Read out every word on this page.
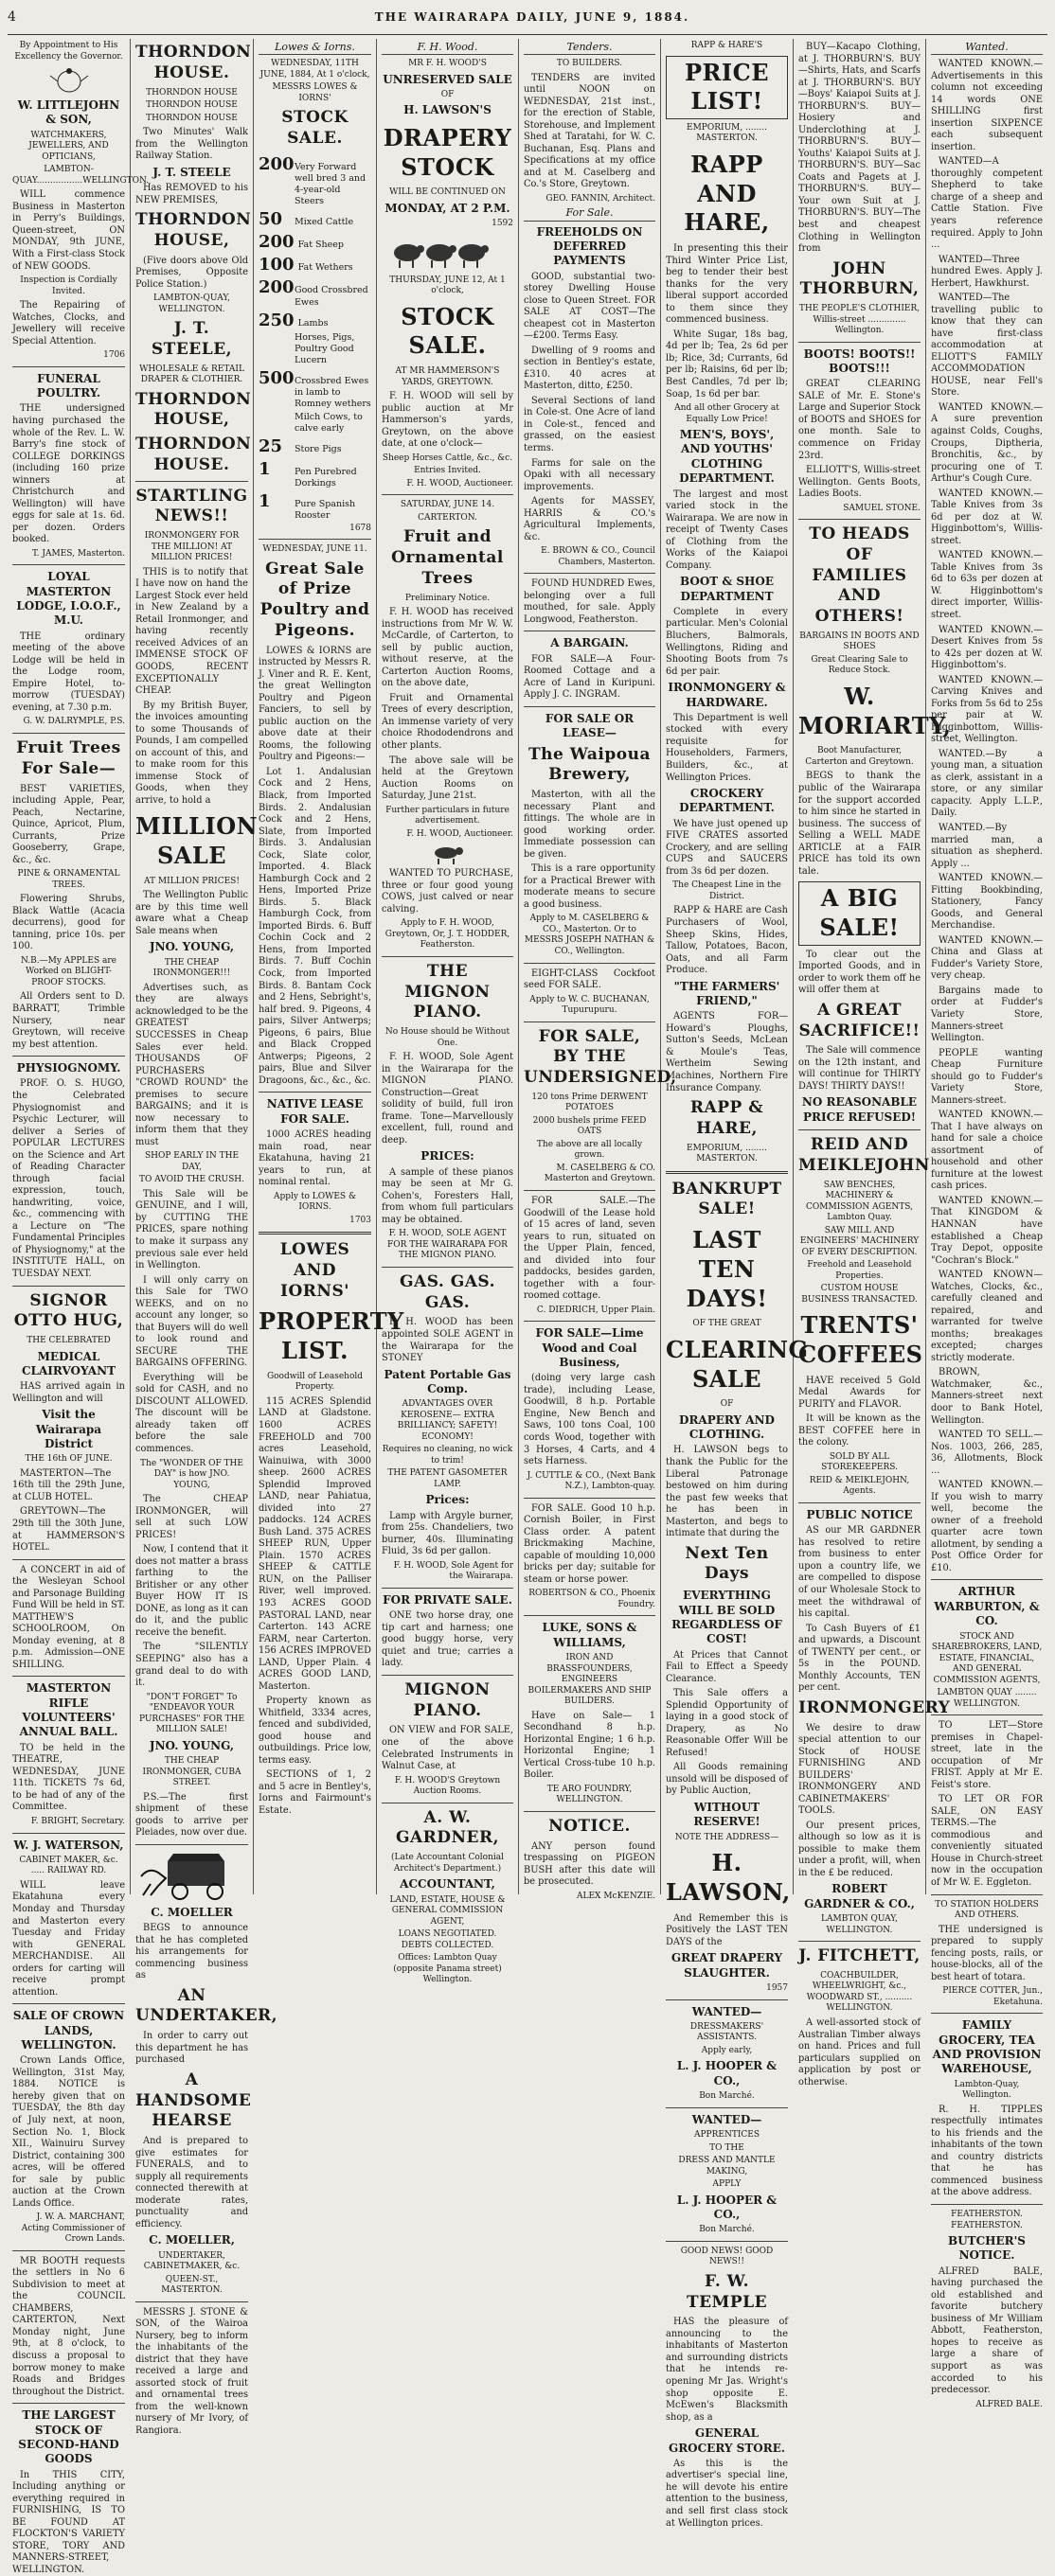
4	THE WAIRARAPA DAILY, JUNE 9, 1884.
By Appointment to His Excellency the Governor.
W. LITTLEJOHN & SON,
WATCHMAKERS, JEWELLERS, AND OPTICIANS,
LAMBTON-QUAY.................WELLINGTON.
WILL commence Business in Masterton in Perry's Buildings, Queen-street, ON MONDAY, 9th JUNE, With a First-class Stock of NEW GOODS.
Inspection is Cordially Invited.
The Repairing of Watches, Clocks, and Jewellery will receive Special Attention.
1706
FUNERAL POULTRY.
THE undersigned having purchased the whole of the Rev. L. W. Barry's fine stock of COLLEGE DORKINGS (including 160 prize winners at Christchurch and Wellington) will have eggs for sale at 1s. 6d. per dozen. Orders booked.
T. JAMES, Masterton.
LOYAL MASTERTON LODGE, I.O.O.F., M.U.
THE ordinary meeting of the above Lodge will be held in the Lodge room, Empire Hotel, to-morrow (TUESDAY) evening, at 7.30 p.m.
G. W. DALRYMPLE, P.S.
Fruit Trees For Sale—
BEST VARIETIES, including Apple, Pear, Peach, Nectarine, Quince, Apricot, Plum, Currants, Prize Gooseberry, Grape, &c., &c.
PINE & ORNAMENTAL TREES.
Flowering Shrubs, Black Wattle (Acacia decurrens), good for tanning, price 10s. per 100.
N.B.—My APPLES are Worked on BLIGHT-PROOF STOCKS.
All Orders sent to D. BARRATT, Trimble Nursery, near Greytown, will receive my best attention.
PHYSIOGNOMY.
PROF. O. S. HUGO, the Celebrated Physiognomist and Psychic Lecturer, will deliver a Series of POPULAR LECTURES on the Science and Art of Reading Character through facial expression, touch, handwriting, voice, &c., commencing with a Lecture on "The Fundamental Principles of Physiognomy," at the INSTITUTE HALL, on TUESDAY NEXT.
SIGNOR OTTO HUG,
THE CELEBRATED
MEDICAL CLAIRVOYANT
HAS arrived again in Wellington and will
Visit the Wairarapa District
THE 16th OF JUNE.
MASTERTON—The 16th till the 29th June, at CLUB HOTEL.
GREYTOWN—The 29th till the 30th June, at HAMMERSON'S HOTEL.
A CONCERT in aid of the Wesleyan School and Parsonage Building Fund Will be held in ST. MATTHEW'S SCHOOLROOM, On Monday evening, at 8 p.m. Admission—ONE SHILLING.
MASTERTON RIFLE VOLUNTEERS' ANNUAL BALL.
TO be held in the THEATRE, WEDNESDAY, JUNE 11th. TICKETS 7s 6d, to be had of any of the Committee.
F. BRIGHT, Secretary.
W. J. WATERSON,
CABINET MAKER, &c. ..... RAILWAY RD.
WILL leave Ekatahuna every Monday and Thursday and Masterton every Tuesday and Friday with GENERAL MERCHANDISE. All orders for carting will receive prompt attention.
SALE OF CROWN LANDS, WELLINGTON.
Crown Lands Office, Wellington, 31st May, 1884. NOTICE is hereby given that on TUESDAY, the 8th day of July next, at noon, Section No. 1, Block XII., Wainuiru Survey District, containing 300 acres, will be offered for sale by public auction at the Crown Lands Office.
J. W. A. MARCHANT, Acting Commissioner of Crown Lands.
MR BOOTH requests the settlers in No 6 Subdivision to meet at the COUNCIL CHAMBERS, CARTERTON, Next Monday night, June 9th, at 8 o'clock, to discuss a proposal to borrow money to make Roads and Bridges throughout the District.
THE LARGEST STOCK OF SECOND-HAND GOODS
In THIS CITY, Including anything or everything required in FURNISHING, IS TO BE FOUND AT FLOCKTON'S VARIETY STORE, TORY AND MANNERS-STREET, WELLINGTON.
THORNDON HOUSE.
THORNDON HOUSE
THORNDON HOUSE
THORNDON HOUSE
Two Minutes' Walk from the Wellington Railway Station.
J. T. STEELE
Has REMOVED to his NEW PREMISES,
THORNDON HOUSE,
(Five doors above Old Premises, Opposite Police Station.)
LAMBTON-QUAY, WELLINGTON.
J. T. STEELE,
WHOLESALE & RETAIL DRAPER & CLOTHIER.
THORNDON HOUSE,
THORNDON HOUSE.
STARTLING NEWS!!
IRONMONGERY FOR THE MILLION! AT MILLION PRICES!
THIS is to notify that I have now on hand the Largest Stock ever held in New Zealand by a Retail Ironmonger, and having recently received Advices of an IMMENSE STOCK OF GOODS, RECENT EXCEPTIONALLY CHEAP.
By my British Buyer, the invoices amounting to some Thousands of Pounds, I am compelled on account of this, and to make room for this immense Stock of Goods, when they arrive, to hold a
MILLION SALE
AT MILLION PRICES!
The Wellington Public are by this time well aware what a Cheap Sale means when
JNO. YOUNG,
THE CHEAP IRONMONGER!!!
Advertises such, as they are always acknowledged to be the GREATEST SUCCESSES in Cheap Sales ever held. THOUSANDS OF PURCHASERS "CROWD ROUND" the premises to secure BARGAINS; and it is now necessary to inform them that they must
SHOP EARLY IN THE DAY,
TO AVOID THE CRUSH.
This Sale will be GENUINE, and I will, by CUTTING THE PRICES, spare nothing to make it surpass any previous sale ever held in Wellington.
I will only carry on this Sale for TWO WEEKS, and on no account any longer, so that Buyers will do well to look round and SECURE THE BARGAINS OFFERING.
Everything will be sold for CASH, and no DISCOUNT ALLOWED. The discount will be already taken off before the sale commences.
The "WONDER OF THE DAY" is how JNO. YOUNG,
The CHEAP IRONMONGER, will sell at such LOW PRICES!
Now, I contend that it does not matter a brass farthing to the Britisher or any other Buyer HOW IT IS DONE, as long as it can do it, and the public receive the benefit.
The "SILENTLY SEEPING" also has a grand deal to do with it.
"DON'T FORGET" To "ENDEAVOR YOUR PURCHASES" FOR THE MILLION SALE!
JNO. YOUNG,
THE CHEAP IRONMONGER, CUBA STREET.
P.S.—The first shipment of these goods to arrive per Pleiades, now over due.
C. MOELLER
BEGS to announce that he has completed his arrangements for commencing business as
AN UNDERTAKER,
In order to carry out this department he has purchased
A HANDSOME HEARSE
And is prepared to give estimates for FUNERALS, and to supply all requirements connected therewith at moderate rates, punctuality and efficiency.
C. MOELLER,
UNDERTAKER, CABINETMAKER, &c.
QUEEN-ST., MASTERTON.
MESSRS J. STONE & SON, of the Wairoa Nursery, beg to inform the inhabitants of the district that they have received a large and assorted stock of fruit and ornamental trees from the well-known nursery of Mr Ivory, of Rangiora.
Lowes & Iorns.
WEDNESDAY, 11TH JUNE, 1884, At 1 o'clock,
MESSRS LOWES & IORNS'
STOCK SALE.
200 Very Forward well bred 3 and 4-year-old Steers
50	Mixed Cattle
200 Fat Sheep
100 Fat Wethers
200 Good Crossbred Ewes
250 Lambs
Horses, Pigs, Poultry Good Lucern
500 Crossbred Ewes in lamb to Romney wethers
Milch Cows, to calve early
25	Store Pigs
1	Pen Purebred Dorkings
1	Pure Spanish Rooster
1678
WEDNESDAY, JUNE 11.
Great Sale of Prize Poultry and Pigeons.
LOWES & IORNS are instructed by Messrs R. J. Viner and R. E. Kent, the great Wellington Poultry and Pigeon Fanciers, to sell by public auction on the above date at their Rooms, the following Poultry and Pigeons:—
Lot 1. Andalusian Cock and 2 Hens, Black, from Imported Birds. 2. Andalusian Cock and 2 Hens, Slate, from Imported Birds. 3. Andalusian Cock, Slate color, Imported. 4. Black Hamburgh Cock and 2 Hens, Imported Prize Birds. 5. Black Hamburgh Cock, from Imported Birds. 6. Buff Cochin Cock and 2 Hens, from Imported Birds. 7. Buff Cochin Cock, from Imported Birds. 8. Bantam Cock and 2 Hens, Sebright's, half bred. 9. Pigeons, 4 pairs, Silver Antwerps; Pigeons, 6 pairs, Blue and Black Cropped Antwerps; Pigeons, 2 pairs, Blue and Silver Dragoons, &c., &c., &c.
NATIVE LEASE FOR SALE.
1000 ACRES heading main road, near Ekatahuna, having 21 years to run, at nominal rental.
Apply to LOWES & IORNS.
1703
LOWES AND IORNS'
PROPERTY LIST.
Goodwill of Leasehold Property.
115 ACRES Splendid LAND at Gladstone. 1600 ACRES FREEHOLD and 700 acres Leasehold, Wainuiwa, with 3000 sheep. 2600 ACRES Splendid Improved LAND, near Pahiatua, divided into 27 paddocks. 124 ACRES Bush Land. 375 ACRES SHEEP RUN, Upper Plain. 1570 ACRES SHEEP & CATTLE RUN, on the Palliser River, well improved. 193 ACRES GOOD PASTORAL LAND, near Carterton. 143 ACRE FARM, near Carterton. 156 ACRES IMPROVED LAND, Upper Plain. 4 ACRES GOOD LAND, Masterton.
Property known as Whitfield, 3334 acres, fenced and subdivided, good house and outbuildings. Price low, terms easy.
SECTIONS of 1, 2 and 5 acre in Bentley's, Iorns and Fairmount's Estate.
F. H. Wood.
MR F. H. WOOD'S
UNRESERVED SALE
OF
H. LAWSON'S
DRAPERY STOCK
WILL BE CONTINUED ON
MONDAY, AT 2 P.M.
1592
THURSDAY, JUNE 12, At 1 o'clock,
STOCK SALE.
AT MR HAMMERSON'S YARDS, GREYTOWN.
F. H. WOOD will sell by public auction at Mr Hammerson's yards, Greytown, on the above date, at one o'clock—
Sheep Horses Cattle, &c., &c.
Entries Invited.
F. H. WOOD, Auctioneer.
SATURDAY, JUNE 14.
CARTERTON.
Fruit and Ornamental Trees
Preliminary Notice.
F. H. WOOD has received instructions from Mr W. W. McCardle, of Carterton, to sell by public auction, without reserve, at the Carterton Auction Rooms, on the above date,
Fruit and Ornamental Trees of every description, An immense variety of very choice Rhododendrons and other plants.
The above sale will be held at the Greytown Auction Rooms on Saturday, June 21st.
Further particulars in future advertisement.
F. H. WOOD, Auctioneer.
WANTED TO PURCHASE, three or four good young COWS, just calved or near calving.
Apply to F. H. WOOD, Greytown, Or, J. T. HODDER, Featherston.
THE MIGNON PIANO.
No House should be Without One.
F. H. WOOD, Sole Agent in the Wairarapa for the MIGNON PIANO. Construction—Great solidity of build, full iron frame. Tone—Marvellously excellent, full, round and deep.
PRICES:
A sample of these pianos may be seen at Mr G. Cohen's, Foresters Hall, from whom full particulars may be obtained.
F. H. WOOD, SOLE AGENT FOR THE WAIRARAPA FOR THE MIGNON PIANO.
GAS. GAS. GAS.
F. H. WOOD has been appointed SOLE AGENT in the Wairarapa for the STONEY
Patent Portable Gas Comp.
ADVANTAGES OVER KEROSENE— EXTRA BRILLIANCY; SAFETY! ECONOMY!
Requires no cleaning, no wick to trim!
THE PATENT GASOMETER LAMP.
Prices:
Lamp with Argyle burner, from 25s. Chandeliers, two burner, 40s. Illuminating Fluid, 3s 6d per gallon.
F. H. WOOD, Sole Agent for the Wairarapa.
FOR PRIVATE SALE.
ONE two horse dray, one tip cart and harness; one good buggy horse, very quiet and true; carries a lady.
MIGNON PIANO.
ON VIEW and FOR SALE, one of the above Celebrated Instruments in Walnut Case, at
F. H. WOOD'S Greytown Auction Rooms.
A. W. GARDNER,
(Late Accountant Colonial Architect's Department.)
ACCOUNTANT,
LAND, ESTATE, HOUSE & GENERAL COMMISSION AGENT,
LOANS NEGOTIATED. DEBTS COLLECTED.
Offices: Lambton Quay (opposite Panama street) Wellington.
Tenders.
TO BUILDERS.
TENDERS are invited until NOON on WEDNESDAY, 21st inst., for the erection of Stable, Storehouse, and Implement Shed at Taratahi, for W. C. Buchanan, Esq. Plans and Specifications at my office and at M. Caselberg and Co.'s Store, Greytown.
GEO. FANNIN, Architect.
For Sale.
FREEHOLDS ON DEFERRED PAYMENTS
GOOD, substantial two-storey Dwelling House close to Queen Street. FOR SALE AT COST—The cheapest cot in Masterton—£200. Terms Easy.
Dwelling of 9 rooms and section in Bentley's estate, £310. 40 acres at Masterton, ditto, £250.
Several Sections of land in Cole-st. One Acre of land in Cole-st., fenced and grassed, on the easiest terms.
Farms for sale on the Opaki with all necessary improvements.
Agents for MASSEY, HARRIS & CO.'s Agricultural Implements, &c.
E. BROWN & CO., Council Chambers, Masterton.
FOUND HUNDRED Ewes, belonging over a full mouthed, for sale. Apply Longwood, Featherston.
A BARGAIN.
FOR SALE—A Four-Roomed Cottage and a Acre of Land in Kuripuni. Apply J. C. INGRAM.
FOR SALE OR LEASE—
The Waipoua Brewery,
Masterton, with all the necessary Plant and fittings. The whole are in good working order. Immediate possession can be given.
This is a rare opportunity for a Practical Brewer with moderate means to secure a good business.
Apply to M. CASELBERG & CO., Masterton. Or to MESSRS JOSEPH NATHAN & CO., Wellington.
EIGHT-CLASS Cockfoot seed FOR SALE.
Apply to W. C. BUCHANAN, Tupurupuru.
FOR SALE, BY THE UNDERSIGNED,
120 tons Prime DERWENT POTATOES
2000 bushels prime FEED OATS
The above are all locally grown.
M. CASELBERG & CO. Masterton and Greytown.
FOR SALE.—The Goodwill of the Lease hold of 15 acres of land, seven years to run, situated on the Upper Plain, fenced, and divided into four paddocks, besides garden, together with a four-roomed cottage.
C. DIEDRICH, Upper Plain.
FOR SALE—Lime Wood and Coal Business,
(doing very large cash trade), including Lease, Goodwill, 8 h.p. Portable Engine, New Bench and Saws, 100 tons Coal, 100 cords Wood, together with 3 Horses, 4 Carts, and 4 sets Harness.
J. CUTTLE & CO., (Next Bank N.Z.), Lambton-quay.
FOR SALE. Good 10 h.p. Cornish Boiler, in First Class order. A patent Brickmaking Machine, capable of moulding 10,000 bricks per day; suitable for steam or horse power.
ROBERTSON & CO., Phoenix Foundry.
LUKE, SONS & WILLIAMS,
IRON AND BRASSFOUNDERS, ENGINEERS BOILERMAKERS AND SHIP BUILDERS.
Have on Sale— 1 Secondhand 8 h.p. Horizontal Engine; 1 6 h.p. Horizontal Engine; 1 Vertical Cross-tube 10 h.p. Boiler.
TE ARO FOUNDRY, WELLINGTON.
NOTICE.
ANY person found trespassing on PIGEON BUSH after this date will be prosecuted.
ALEX McKENZIE.
RAPP & HARE'S
PRICE LIST!
EMPORIUM, ........ MASTERTON.
RAPP AND HARE,
In presenting this their Third Winter Price List, beg to tender their best thanks for the very liberal support accorded to them since they commenced business.
White Sugar, 18s bag, 4d per lb; Tea, 2s 6d per lb; Rice, 3d; Currants, 6d per lb; Raisins, 6d per lb; Best Candles, 7d per lb; Soap, 1s 6d per bar.
And all other Grocery at Equally Low Price!
MEN'S, BOYS', AND YOUTHS' CLOTHING DEPARTMENT.
The largest and most varied stock in the Wairarapa. We are now in receipt of Twenty Cases of Clothing from the Works of the Kaiapoi Company.
BOOT & SHOE DEPARTMENT
Complete in every particular. Men's Colonial Bluchers, Balmorals, Wellingtons, Riding and Shooting Boots from 7s 6d per pair.
IRONMONGERY & HARDWARE.
This Department is well stocked with every requisite for Householders, Farmers, Builders, &c., at Wellington Prices.
CROCKERY DEPARTMENT.
We have just opened up FIVE CRATES assorted Crockery, and are selling CUPS and SAUCERS from 3s 6d per dozen.
The Cheapest Line in the District.
RAPP & HARE are Cash Purchasers of Wool, Sheep Skins, Hides, Tallow, Potatoes, Bacon, Oats, and all Farm Produce.
"THE FARMERS' FRIEND,"
AGENTS FOR—Howard's Ploughs, Sutton's Seeds, McLean & Moule's Teas, Wertheim Sewing Machines, Northern Fire Insurance Company.
RAPP & HARE,
EMPORIUM, ........ MASTERTON.
BANKRUPT SALE!
LAST TEN DAYS!
OF THE GREAT
CLEARING SALE
OF
DRAPERY AND CLOTHING.
H. LAWSON begs to thank the Public for the Liberal Patronage bestowed on him during the past few weeks that he has been in Masterton, and begs to intimate that during the
Next Ten Days
EVERYTHING WILL BE SOLD REGARDLESS OF COST!
At Prices that Cannot Fail to Effect a Speedy Clearance.
This Sale offers a Splendid Opportunity of laying in a good stock of Drapery, as No Reasonable Offer Will be Refused!
All Goods remaining unsold will be disposed of by Public Auction,
WITHOUT RESERVE!
NOTE THE ADDRESS—
H. LAWSON,
And Remember this is Positively the LAST TEN DAYS of the
GREAT DRAPERY SLAUGHTER.
1957
WANTED—
DRESSMAKERS' ASSISTANTS.
Apply early,
L. J. HOOPER & CO.,
Bon Marché.
WANTED—
APPRENTICES
TO THE
DRESS AND MANTLE MAKING,
APPLY
L. J. HOOPER & CO.,
Bon Marché.
GOOD NEWS! GOOD NEWS!!
F. W. TEMPLE
HAS the pleasure of announcing to the inhabitants of Masterton and surrounding districts that he intends re-opening Mr Jas. Wright's shop opposite E. McEwen's Blacksmith shop, as a
GENERAL GROCERY STORE.
As this is the advertiser's special line, he will devote his entire attention to the business, and sell first class stock at Wellington prices.
BUY—Kacapo Clothing, at J. THORBURN'S. BUY—Shirts, Hats, and Scarfs at J. THORBURN'S. BUY—Boys' Kaiapoi Suits at J. THORBURN'S. BUY—Hosiery and Underclothing at J. THORBURN'S. BUY—Youths' Kaiapoi Suits at J. THORBURN'S. BUY—Sac Coats and Pagets at J. THORBURN'S. BUY—Your own Suit at J. THORBURN'S. BUY—The best and cheapest Clothing in Wellington from
JOHN THORBURN,
THE PEOPLE'S CLOTHIER, Willis-street .............. Wellington.
BOOTS! BOOTS!! BOOTS!!!
GREAT CLEARING SALE of Mr. E. Stone's Large and Superior Stock of BOOTS and SHOES for one month. Sale to commence on Friday 23rd.
ELLIOTT'S, Willis-street Wellington. Gents Boots, Ladies Boots.
SAMUEL STONE.
TO HEADS OF FAMILIES AND OTHERS!
BARGAINS IN BOOTS AND SHOES
Great Clearing Sale to Reduce Stock.
W. MORIARTY,
Boot Manufacturer, Carterton and Greytown.
BEGS to thank the public of the Wairarapa for the support accorded to him since he started in business. The success of Selling a WELL MADE ARTICLE at a FAIR PRICE has told its own tale.
A BIG SALE!
To clear out the Imported Goods, and in order to work them off he will offer them at
A GREAT SACRIFICE!!
The Sale will commence on the 12th instant, and will continue for THIRTY DAYS! THIRTY DAYS!!
NO REASONABLE PRICE REFUSED!
REID AND MEIKLEJOHN
SAW BENCHES, MACHINERY & COMMISSION AGENTS, Lambton Quay.
SAW MILL AND ENGINEERS' MACHINERY OF EVERY DESCRIPTION.
Freehold and Leasehold Properties.
CUSTOM HOUSE BUSINESS TRANSACTED.
TRENTS' COFFEES
HAVE received 5 Gold Medal Awards for PURITY and FLAVOR.
It will be known as the BEST COFFEE here in the colony.
SOLD BY ALL STOREKEEPERS.
REID & MEIKLEJOHN, Agents.
PUBLIC NOTICE
AS our MR GARDNER has resolved to retire from business to enter upon a country life, we are compelled to dispose of our Wholesale Stock to meet the withdrawal of his capital.
To Cash Buyers of £1 and upwards, a Discount of TWENTY per cent., or 5s in the POUND. Monthly Accounts, TEN per cent.
IRONMONGERY
We desire to draw special attention to our Stock of HOUSE FURNISHING AND BUILDERS' IRONMONGERY AND CABINETMAKERS' TOOLS.
Our present prices, although so low as it is possible to make them under a profit, will, when in the £ be reduced.
ROBERT GARDNER & CO.,
LAMBTON QUAY, WELLINGTON.
J. FITCHETT,
COACHBUILDER, WHEELWRIGHT, &c., WOODWARD ST., .......... WELLINGTON.
A well-assorted stock of Australian Timber always on hand. Prices and full particulars supplied on application by post or otherwise.
Wanted.
WANTED KNOWN.—Advertisements in this column not exceeding 14 words ONE SHILLING first insertion SIXPENCE each subsequent insertion.
WANTED—A thoroughly competent Shepherd to take charge of a sheep and Cattle Station. Five years reference required. Apply to John ...
WANTED—Three hundred Ewes. Apply J. Herbert, Hawkhurst.
WANTED—The travelling public to know that they can have first-class accommodation at ELIOTT'S FAMILY ACCOMMODATION HOUSE, near Fell's Store.
WANTED KNOWN.—A sure prevention against Colds, Coughs, Croups, Diptheria, Bronchitis, &c., by procuring one of T. Arthur's Cough Cure.
WANTED KNOWN.—Table Knives from 3s 6d per doz at W. Higginbottom's, Willis-street.
WANTED KNOWN.—Table Knives from 3s 6d to 63s per dozen at W. Higginbottom's direct importer, Willis-street.
WANTED KNOWN.—Desert Knives from 5s to 42s per dozen at W. Higginbottom's.
WANTED KNOWN.—Carving Knives and Forks from 5s 6d to 25s per pair at W. Higginbottom, Willis-street, Wellington.
WANTED.—By a young man, a situation as clerk, assistant in a store, or any similar capacity. Apply L.L.P., Daily.
WANTED.—By married man, a situation as shepherd. Apply ...
WANTED KNOWN.—Fitting Bookbinding, Stationery, Fancy Goods, and General Merchandise.
WANTED KNOWN.—China and Glass at Fudder's Variety Store, very cheap.
Bargains made to order at Fudder's Variety Store, Manners-street Wellington.
PEOPLE wanting Cheap Furniture should go to Fudder's Variety Store, Manners-street.
WANTED KNOWN.—That I have always on hand for sale a choice assortment of household and other furniture at the lowest cash prices.
WANTED KNOWN.—That KINGDOM & HANNAN have established a Cheap Tray Depot, opposite "Cochran's Block."
WANTED KNOWN—Watches, Clocks, &c., carefully cleaned and repaired, and warranted for twelve months; breakages excepted; charges strictly moderate.
BROWN, Watchmaker, &c., Manners-street next door to Bank Hotel, Wellington.
WANTED TO SELL.—Nos. 1003, 266, 285, 36, Allotments, Block ...
WANTED KNOWN.—If you wish to marry well, become the owner of a freehold quarter acre town allotment, by sending a Post Office Order for £10.
ARTHUR WARBURTON, & CO.
STOCK AND SHAREBROKERS, LAND, ESTATE, FINANCIAL, AND GENERAL COMMISSION AGENTS,
LAMBTON QUAY ........ WELLINGTON.
TO LET—Store premises in Chapel-street, late in the occupation of Mr FRIST. Apply at Mr E. Feist's store.
TO LET OR FOR SALE, ON EASY TERMS.—The commodious and conveniently situated House in Church-street now in the occupation of Mr W. E. Eggleton.
TO STATION HOLDERS AND OTHERS.
THE undersigned is prepared to supply fencing posts, rails, or house-blocks, all of the best heart of totara.
PIERCE COTTER, Jun., Eketahuna.
FAMILY GROCERY, TEA AND PROVISION WAREHOUSE,
Lambton-Quay, Wellington.
R. H. TIPPLES respectfully intimates to his friends and the inhabitants of the town and country districts that he has commenced business at the above address.
FEATHERSTON. FEATHERSTON.
BUTCHER'S NOTICE.
ALFRED BALE, having purchased the old established and favorite butchery business of Mr William Abbott, Featherston, hopes to receive as large a share of support as was accorded to his predecessor.
ALFRED BALE.
